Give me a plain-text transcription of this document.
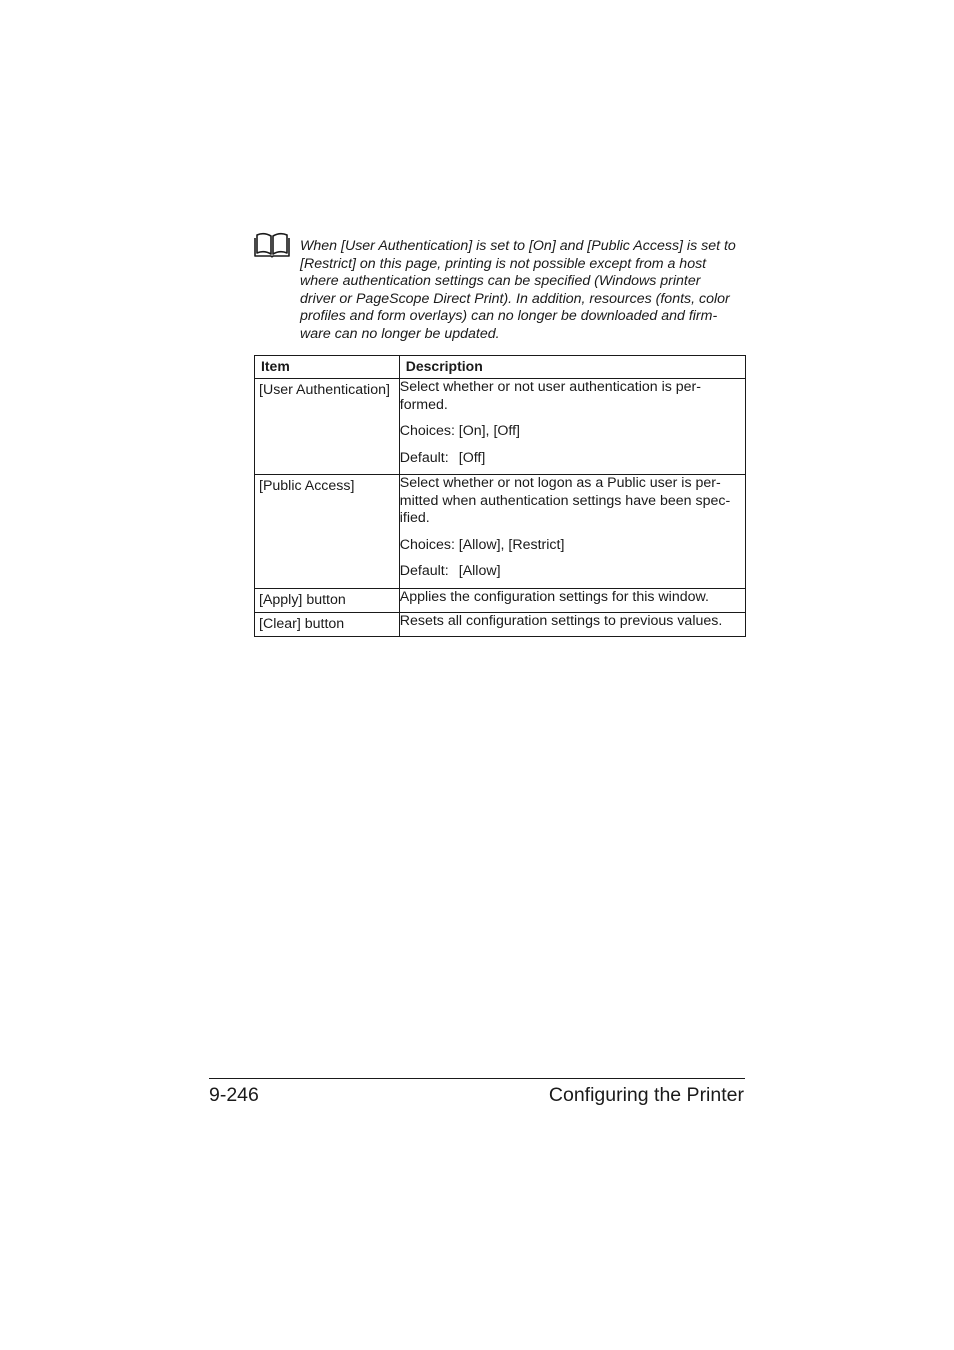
When [User Authentication] is set to [On] and [Public Access] is set to
[Restrict] on this page, printing is not possible except from a host
where authentication settings can be specified (Windows printer
driver or PageScope Direct Print). In addition, resources (fonts, color
profiles and form overlays) can no longer be downloaded and firm-
ware can no longer be updated.

Item	Description

[User Authentication]	Select whether or not user authentication is per-
formed.
Choices: [On], [Off]
Default: [Off]

[Public Access]	Select whether or not logon as a Public user is per-
mitted when authentication settings have been spec-
ified.
Choices: [Allow], [Restrict]
Default: [Allow]

[Apply] button	Applies the configuration settings for this window.

[Clear] button	Resets all configuration settings to previous values.
9-246	Configuring the Printer
